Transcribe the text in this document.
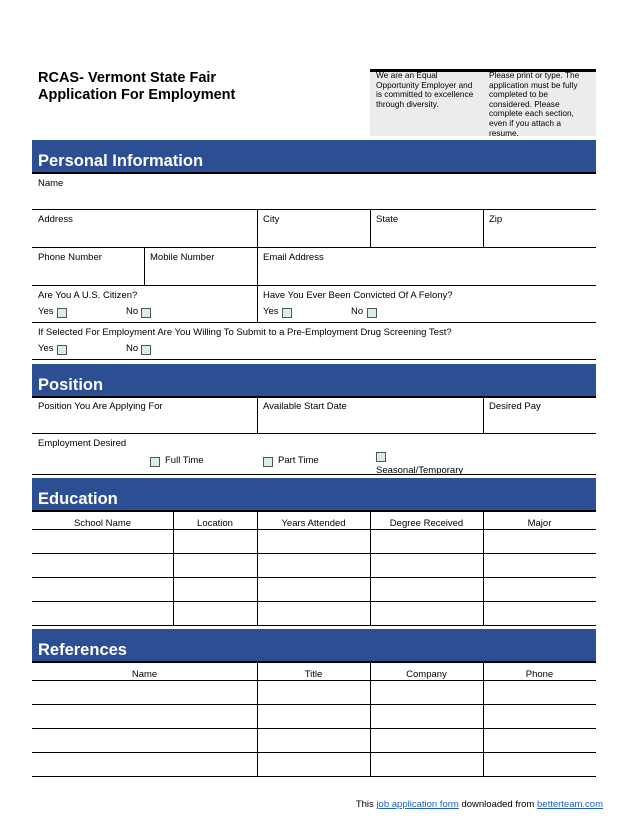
RCAS- Vermont State Fair
Application For Employment
We are an Equal Opportunity Employer and is committed to excellence through diversity.
Please print or type. The application must be fully completed to be considered. Please complete each section, even if you attach a resume.
Personal Information
Name
Address	City	State	Zip
Phone Number	Mobile Number	Email Address
Are You A U.S. Citizen?
Yes	No
Have You Ever Been Convicted Of A Felony?
Yes	No
If Selected For Employment Are You Willing To Submit to a Pre-Employment Drug Screening Test?
Yes	No
Position
Position You Are Applying For	Available Start Date	Desired Pay
Employment Desired
Full Time	Part Time
Seasonal/Temporary
Education
School Name	Location	Years Attended	Degree Received	Major
References
Name	Title	Company	Phone
This job application form downloaded from betterteam.com
